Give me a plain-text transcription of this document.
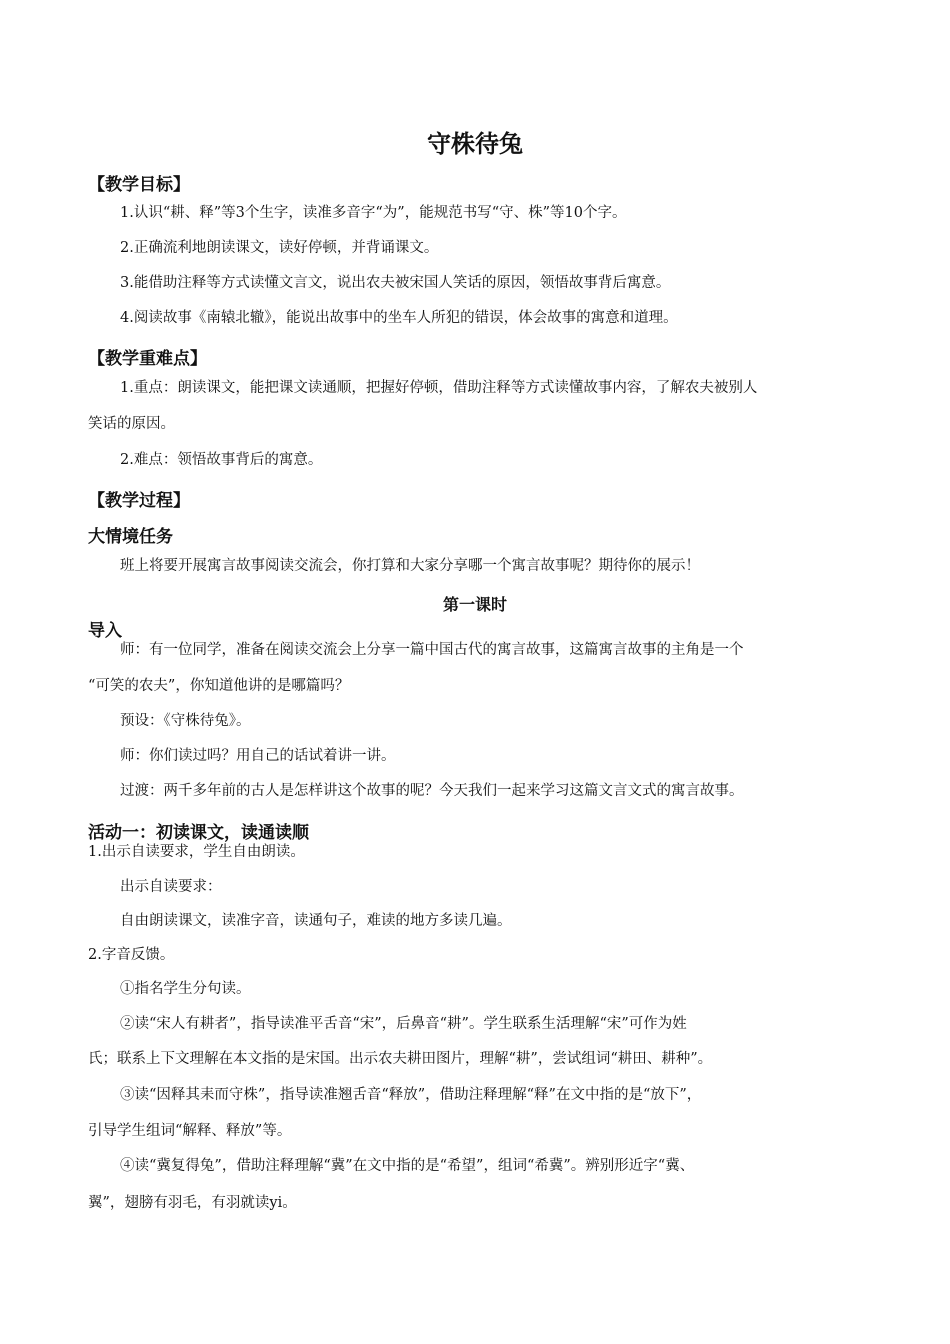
守株待兔
【教学目标】
1.认识“耕、释”等3个生字，读准多音字“为”，能规范书写“守、株”等10个字。
2.正确流利地朗读课文，读好停顿，并背诵课文。
3.能借助注释等方式读懂文言文，说出农夫被宋国人笑话的原因，领悟故事背后寓意。
4.阅读故事《南辕北辙》，能说出故事中的坐车人所犯的错误，体会故事的寓意和道理。
【教学重难点】
1.重点：朗读课文，能把课文读通顺，把握好停顿，借助注释等方式读懂故事内容，了解农夫被别人
笑话的原因。
2.难点：领悟故事背后的寓意。
【教学过程】
大情境任务
班上将要开展寓言故事阅读交流会，你打算和大家分享哪一个寓言故事呢？期待你的展示！
第一课时
导入
师：有一位同学，准备在阅读交流会上分享一篇中国古代的寓言故事，这篇寓言故事的主角是一个
“可笑的农夫”，你知道他讲的是哪篇吗？
预设：《守株待兔》。
师：你们读过吗？用自己的话试着讲一讲。
过渡：两千多年前的古人是怎样讲这个故事的呢？今天我们一起来学习这篇文言文式的寓言故事。
活动一：初读课文，读通读顺
1.出示自读要求，学生自由朗读。
出示自读要求：
自由朗读课文，读准字音，读通句子，难读的地方多读几遍。
2.字音反馈。
①指名学生分句读。
②读“宋人有耕者”，指导读准平舌音“宋”，后鼻音“耕”。学生联系生活理解“宋”可作为姓
氏；联系上下文理解在本文指的是宋国。出示农夫耕田图片，理解“耕”，尝试组词“耕田、耕种”。
③读“因释其耒而守株”，指导读准翘舌音“释放”，借助注释理解“释”在文中指的是“放下”，
引导学生组词“解释、释放”等。
④读“冀复得兔”，借助注释理解“冀”在文中指的是“希望”，组词“希冀”。辨别形近字“冀、
翼”，翅膀有羽毛，有羽就读yi。
